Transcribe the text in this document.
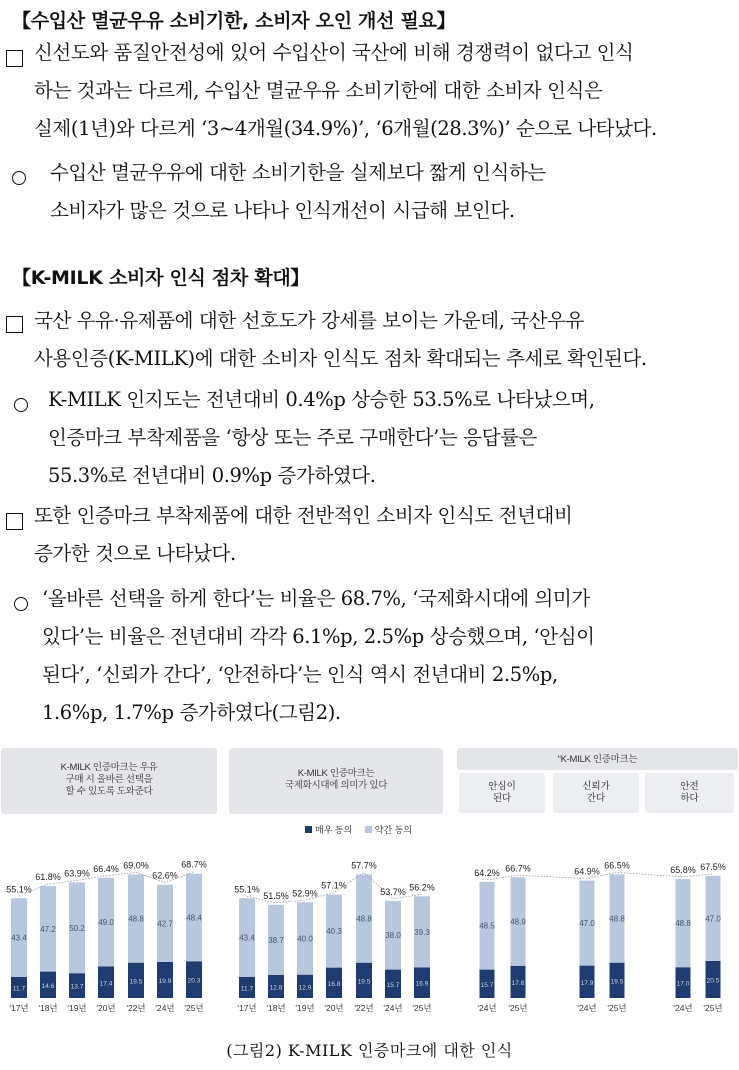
【수입산 멸균우유 소비기한, 소비자 오인 개선 필요】
신선도와 품질안전성에 있어 수입산이 국산에 비해 경쟁력이 없다고 인식
하는 것과는 다르게, 수입산 멸균우유 소비기한에 대한 소비자 인식은
실제(1년)와 다르게 ‘3~4개월(34.9%)’, ‘6개월(28.3%)’ 순으로 나타났다.
수입산 멸균우유에 대한 소비기한을 실제보다 짧게 인식하는
소비자가 많은 것으로 나타나 인식개선이 시급해 보인다.
【K-MILK 소비자 인식 점차 확대】
국산 우유·유제품에 대한 선호도가 강세를 보이는 가운데, 국산우유
사용인증(K-MILK)에 대한 소비자 인식도 점차 확대되는 추세로 확인된다.
K-MILK 인지도는 전년대비 0.4%p 상승한 53.5%로 나타났으며,
인증마크 부착제품을 ‘항상 또는 주로 구매한다’는 응답률은
55.3%로 전년대비 0.9%p 증가하였다.
또한 인증마크 부착제품에 대한 전반적인 소비자 인식도 전년대비
증가한 것으로 나타났다.
‘올바른 선택을 하게 한다’는 비율은 68.7%, ‘국제화시대에 의미가
있다’는 비율은 전년대비 각각 6.1%p, 2.5%p 상승했으며, ‘안심이
된다’, ‘신뢰가 간다’, ‘안전하다’는 인식 역시 전년대비 2.5%p,
1.6%p, 1.7%p 증가하였다(그림2).
K-MILK 인증마크는 우유
구매 시 올바른 선택을
할 수 있도록 도와준다
K-MILK 인증마크는
국제화시대에 의미가 있다
“K-MILK 인증마크는
안심이
된다
신뢰가
간다
안전
하다
매우 동의	약간 동의
11.7
43.4
55.1%
'17년
14.6
47.2
61.8%
'18년
13.7
50.2
63.9%
'19년
17.4
49.0
66.4%
'20년
19.5
48.8
69.0%
'22년
19.9
42.7
62.6%
'24년
20.3
48.4
68.7%
'25년
11.7
43.4
55.1%
'17년
12.8
38.7
51.5%
'18년
12.9
40.0
52.9%
'19년
16.8
40.3
57.1%
'20년
19.5
48.8
57.7%
'22년
15.7
38.0
53.7%
'24년
16.9
39.3
56.2%
'25년
15.7
48.5
64.2%
'24년
17.8
48.9
66.7%
'25년
17.9
47.0
64.9%
'24년
19.5
48.8
66.5%
'25년
17.0
48.8
65.8%
'24년
20.5
47.0
67.5%
'25년
(그림2) K-MILK 인증마크에 대한 인식
